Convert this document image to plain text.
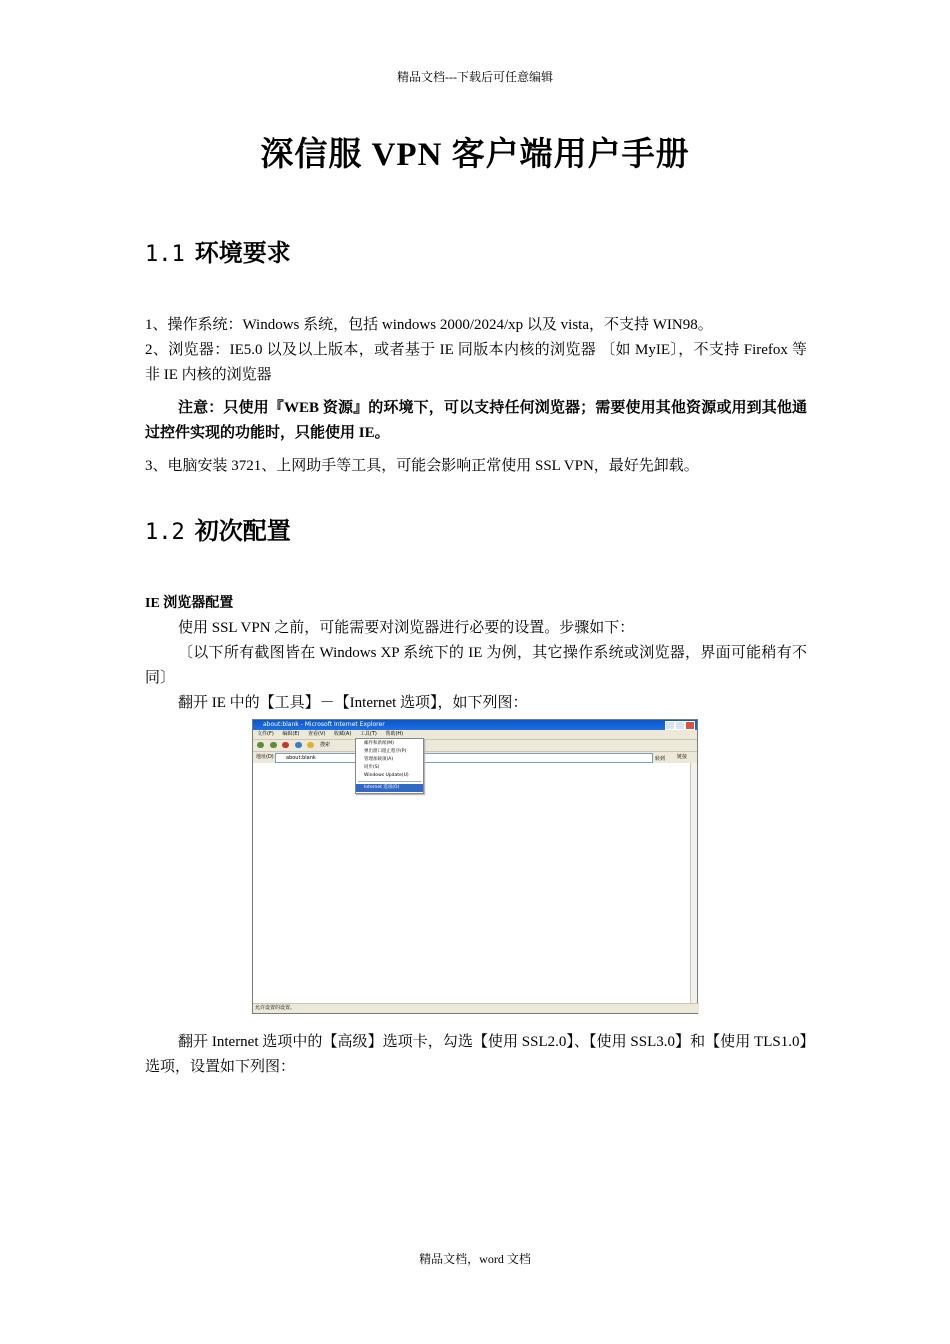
精品文档---下载后可任意编辑
深信服 VPN 客户端用户手册
1.1 环境要求
1、操作系统：Windows 系统，包括 windows 2000/2024/xp 以及 vista，不支持 WIN98。
2、浏览器：IE5.0 以及以上版本，或者基于 IE 同版本内核的浏览器 〔如 MyIE〕，不支持 Firefox 等非 IE 内核的浏览器
注意：只使用『WEB 资源』的环境下，可以支持任何浏览器；需要使用其他资源或用到其他通过控件实现的功能时，只能使用 IE。
3、电脑安装 3721、上网助手等工具，可能会影响正常使用 SSL VPN，最好先卸载。
1.2 初次配置
IE 浏览器配置
使用 SSL VPN 之前，可能需要对浏览器进行必要的设置。步骤如下：
〔以下所有截图皆在 Windows XP 系统下的 IE 为例，其它操作系统或浏览器，界面可能稍有不同〕
翻开 IE 中的【工具】－【Internet 选项】，如下列图：
about:blank - Microsoft Internet Explorer
文件(F) 编辑(E) 查看(V) 收藏(A) 工具(T) 帮助(H)
搜索
地址(D)	about:blank	转到 链接
邮件和新闻(M)
弹出窗口阻止程序(P)
管理加载项(A)
同步(S)
Windows Update(U)
Internet 选项(O)
允许设置的设置。
翻开 Internet 选项中的【高级】选项卡，勾选【使用 SSL2.0】、【使用 SSL3.0】和【使用 TLS1.0】选项，设置如下列图：
精品文档，word 文档
